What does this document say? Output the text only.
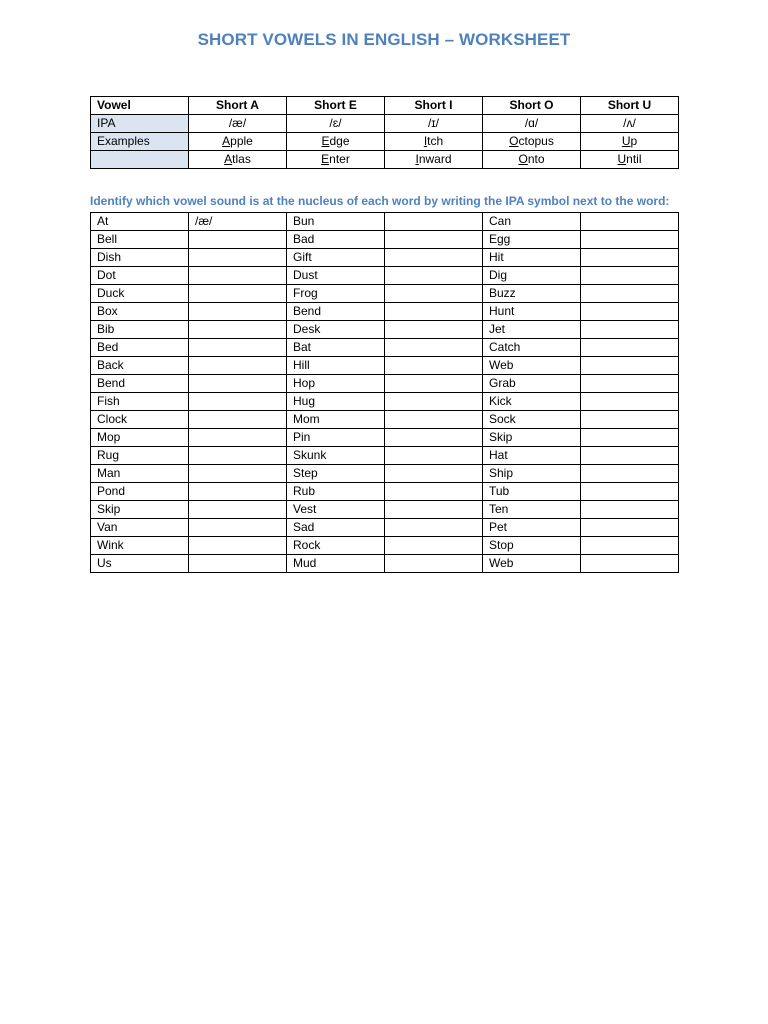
SHORT VOWELS IN ENGLISH – WORKSHEET
Vowel	Short A	Short E	Short I	Short O	Short U
IPA	/æ/	/ɛ/	/ɪ/	/ɑ/	/ʌ/
Examples	Apple	Edge	Itch	Octopus	Up
	Atlas	Enter	Inward	Onto	Until
Identify which vowel sound is at the nucleus of each word by writing the IPA symbol next to the word:
At	/æ/	Bun		Can	
Bell		Bad		Egg	
Dish		Gift		Hit	
Dot		Dust		Dig	
Duck		Frog		Buzz	
Box		Bend		Hunt	
Bib		Desk		Jet	
Bed		Bat		Catch	
Back		Hill		Web	
Bend		Hop		Grab	
Fish		Hug		Kick	
Clock		Mom		Sock	
Mop		Pin		Skip	
Rug		Skunk		Hat	
Man		Step		Ship	
Pond		Rub		Tub	
Skip		Vest		Ten	
Van		Sad		Pet	
Wink		Rock		Stop	
Us		Mud		Web	
